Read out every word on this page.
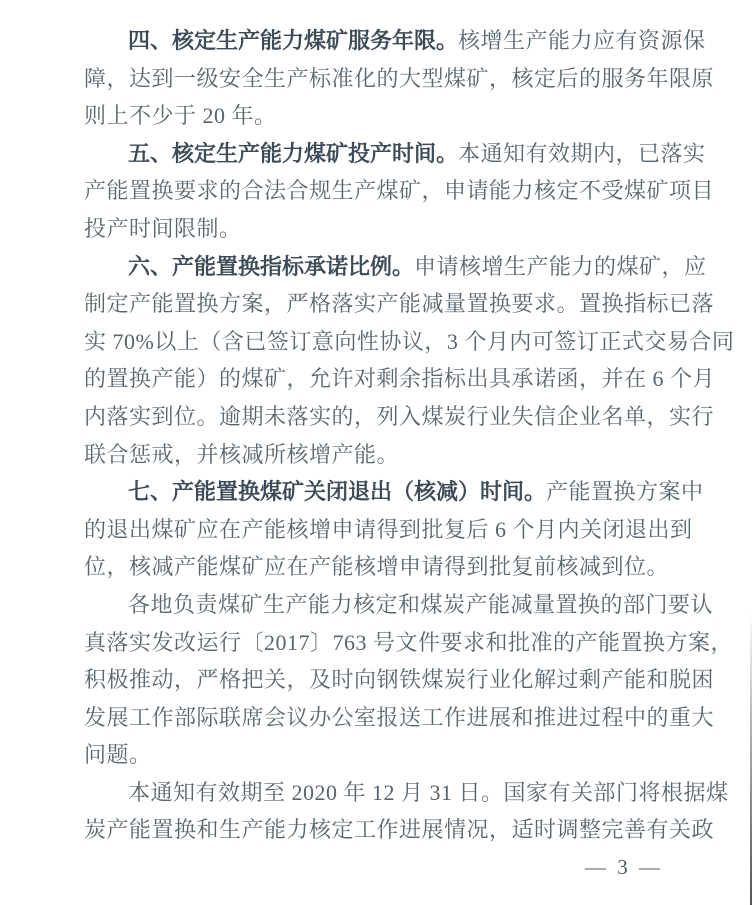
四、核定生产能力煤矿服务年限。核增生产能力应有资源保
障，达到一级安全生产标准化的大型煤矿，核定后的服务年限原
则上不少于 20 年。
五、核定生产能力煤矿投产时间。本通知有效期内，已落实
产能置换要求的合法合规生产煤矿，申请能力核定不受煤矿项目
投产时间限制。
六、产能置换指标承诺比例。申请核增生产能力的煤矿，应
制定产能置换方案，严格落实产能减量置换要求。置换指标已落
实 70%以上（含已签订意向性协议，3 个月内可签订正式交易合同
的置换产能）的煤矿，允许对剩余指标出具承诺函，并在 6 个月
内落实到位。逾期未落实的，列入煤炭行业失信企业名单，实行
联合惩戒，并核减所核增产能。
七、产能置换煤矿关闭退出（核减）时间。产能置换方案中
的退出煤矿应在产能核增申请得到批复后 6 个月内关闭退出到
位，核减产能煤矿应在产能核增申请得到批复前核减到位。
各地负责煤矿生产能力核定和煤炭产能减量置换的部门要认
真落实发改运行〔2017〕763 号文件要求和批准的产能置换方案，
积极推动，严格把关，及时向钢铁煤炭行业化解过剩产能和脱困
发展工作部际联席会议办公室报送工作进展和推进过程中的重大
问题。
本通知有效期至 2020 年 12 月 31 日。国家有关部门将根据煤
炭产能置换和生产能力核定工作进展情况，适时调整完善有关政
— 3 —
